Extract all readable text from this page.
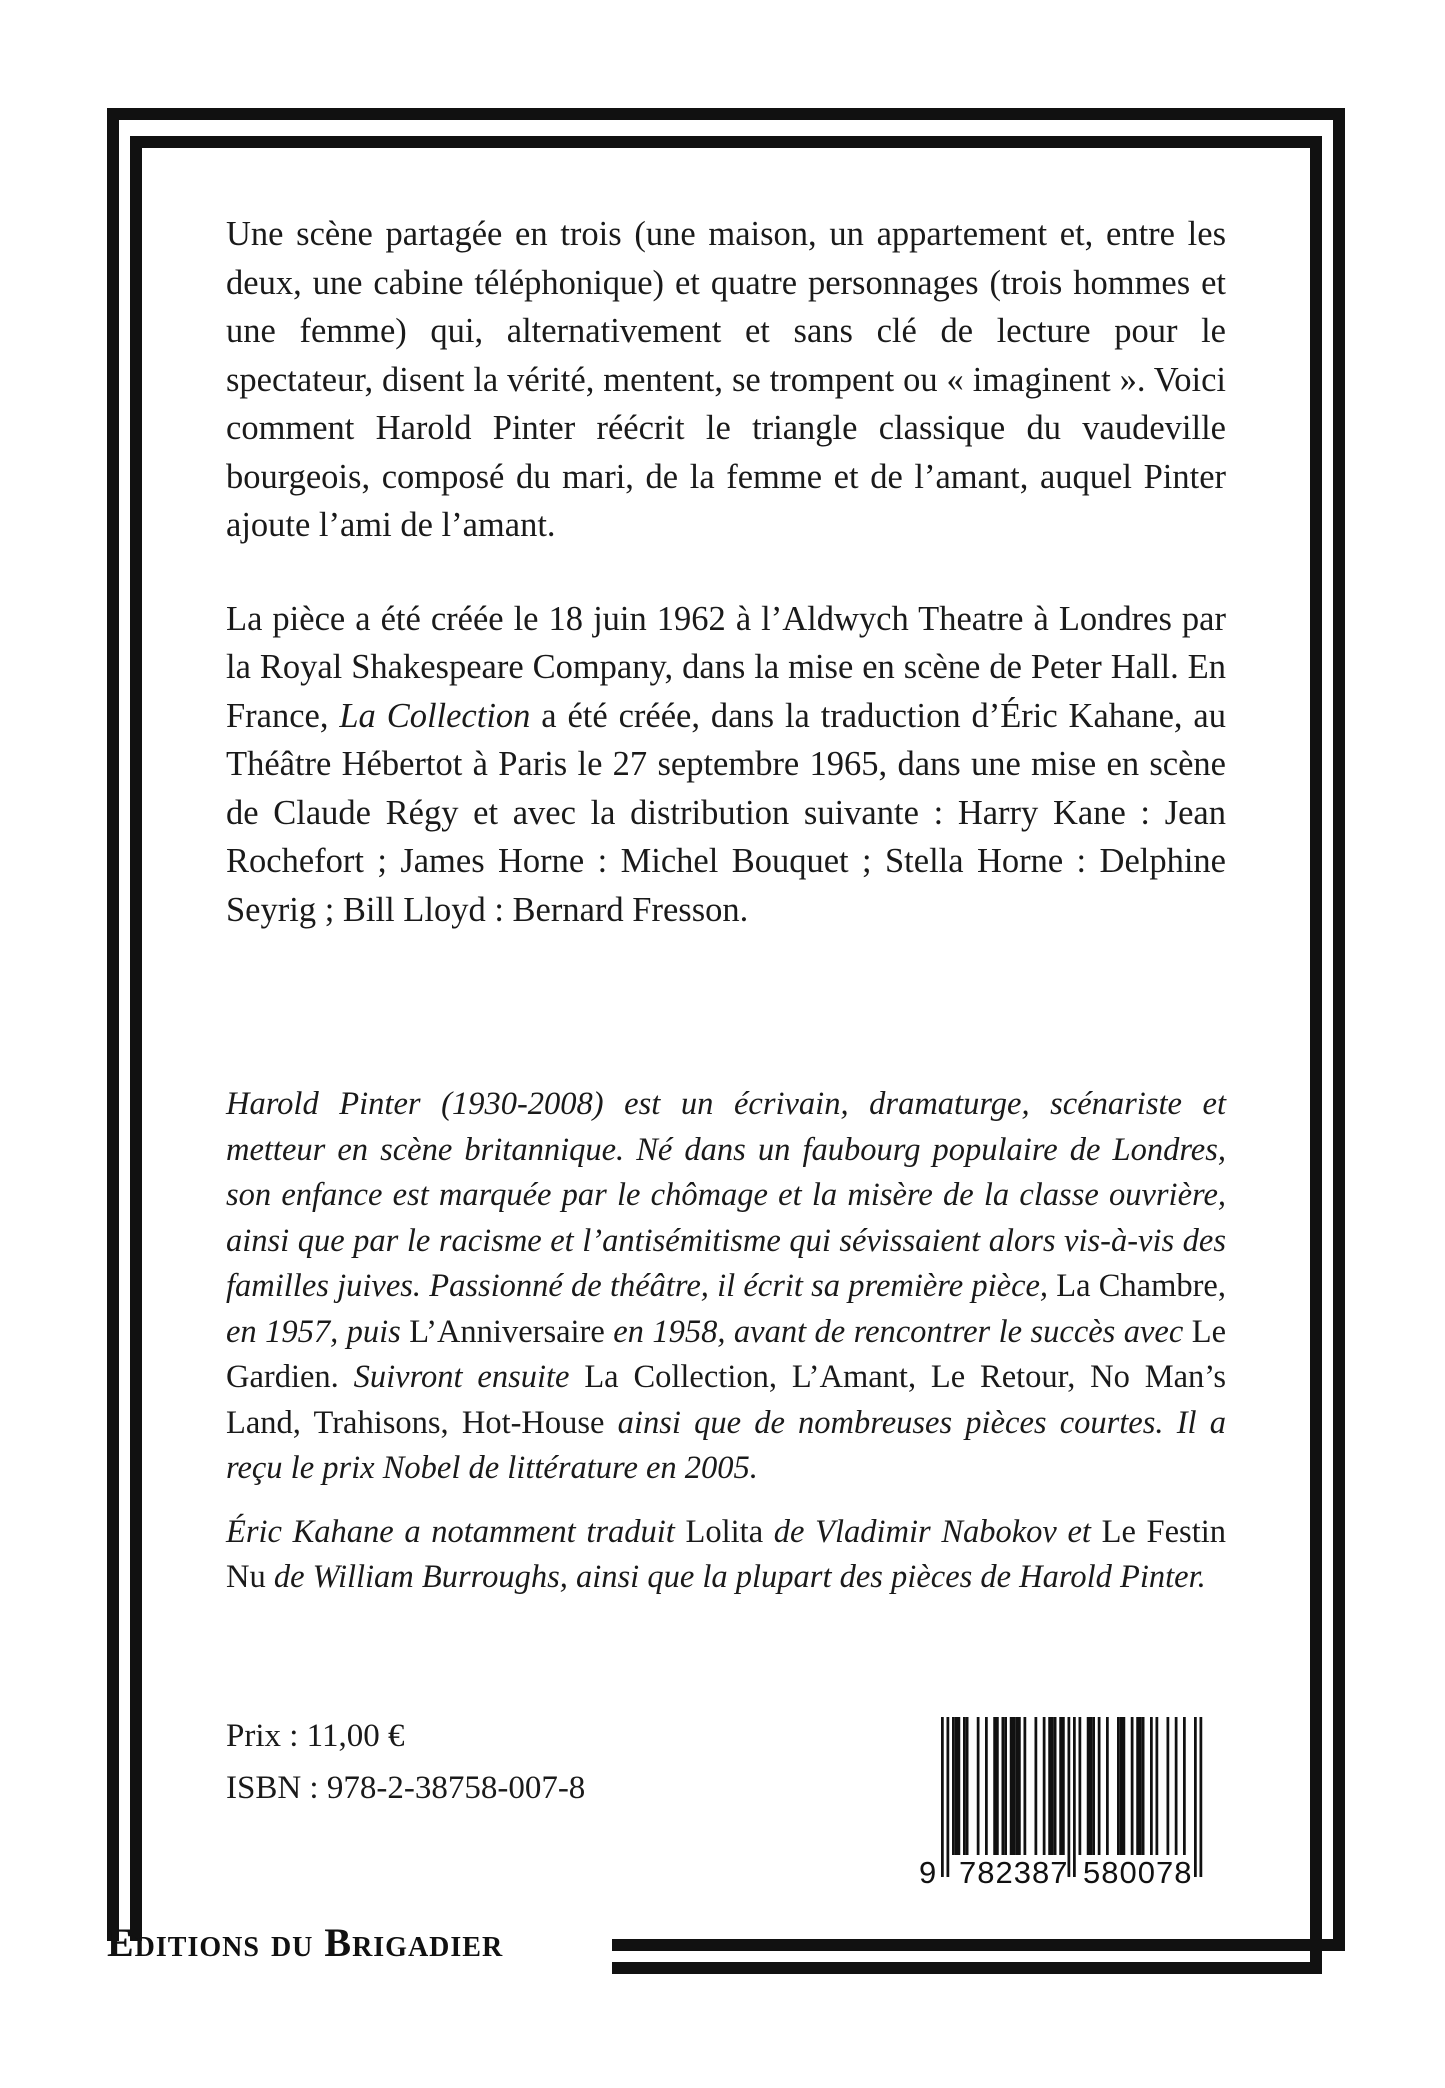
Une scène partagée en trois (une maison, un appartement et, entre les deux, une cabine téléphonique) et quatre personnages (trois hommes et une femme) qui, alternativement et sans clé de lecture pour le spectateur, disent la vérité, mentent, se trompent ou « imaginent ». Voici comment Harold Pinter réécrit le triangle classique du vaudeville bourgeois, composé du mari, de la femme et de l’amant, auquel Pinter ajoute l’ami de l’amant.

La pièce a été créée le 18 juin 1962 à l’Aldwych Theatre à Londres par la Royal Shakespeare Company, dans la mise en scène de Peter Hall. En France, La Collection a été créée, dans la traduction d’Éric Kahane, au Théâtre Hébertot à Paris le 27 septembre 1965, dans une mise en scène de Claude Régy et avec la distribution suivante : Harry Kane : Jean Rochefort ; James Horne : Michel Bouquet ; Stella Horne : Delphine Seyrig ; Bill Lloyd : Bernard Fresson.

Harold Pinter (1930-2008) est un écrivain, dramaturge, scénariste et metteur en scène britannique. Né dans un faubourg populaire de Londres, son enfance est marquée par le chômage et la misère de la classe ouvrière, ainsi que par le racisme et l’antisémitisme qui sévissaient alors vis-à-vis des familles juives. Passionné de théâtre, il écrit sa première pièce, La Chambre, en 1957, puis L’Anniversaire en 1958, avant de rencontrer le succès avec Le Gardien. Suivront ensuite La Collection, L’Amant, Le Retour, No Man’s Land, Trahisons, Hot-House ainsi que de nombreuses pièces courtes. Il a reçu le prix Nobel de littérature en 2005.

Éric Kahane a notamment traduit Lolita de Vladimir Nabokov et Le Festin Nu de William Burroughs, ainsi que la plupart des pièces de Harold Pinter.

Prix : 11,00 €
ISBN : 978-2-38758-007-8
9 782387 580078
Editions du Brigadier
